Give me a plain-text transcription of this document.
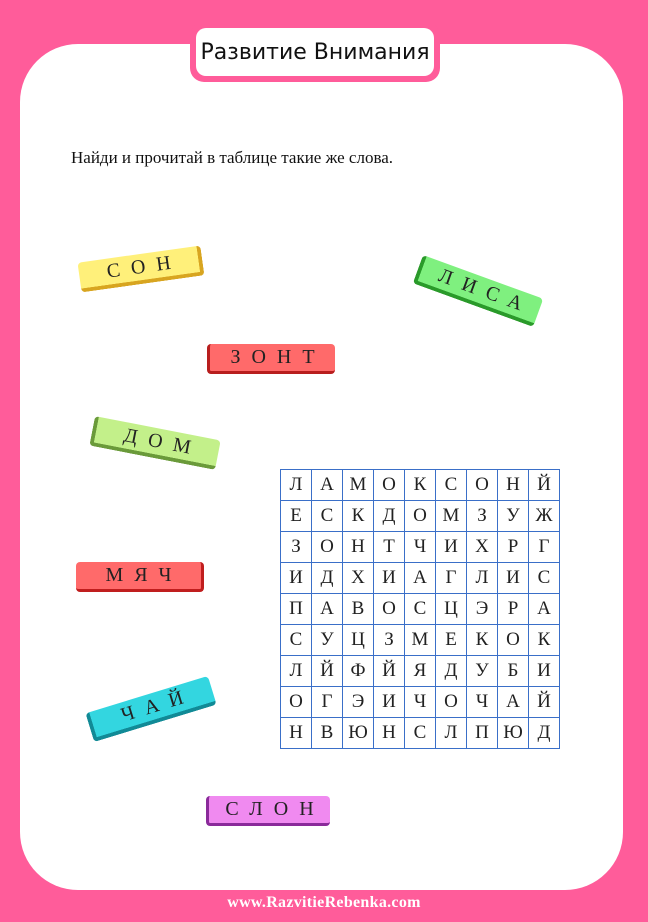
Развитие Внимания
Найди и прочитай в таблице такие же слова.
СОН	ЛИСА
ЗОНТ
ДОМ
МЯЧ
ЧАЙ
СЛОН
Л	А	М	О	К	С	О	Н	Й
Е	С	К	Д	О	М	З	У	Ж
З	О	Н	Т	Ч	И	Х	Р	Г
И	Д	Х	И	А	Г	Л	И	С
П	А	В	О	С	Ц	Э	Р	А
С	У	Ц	З	М	Е	К	О	К
Л	Й	Ф	Й	Я	Д	У	Б	И
О	Г	Э	И	Ч	О	Ч	А	Й
Н	В	Ю	Н	С	Л	П	Ю	Д
www.RazvitieRebenka.com
